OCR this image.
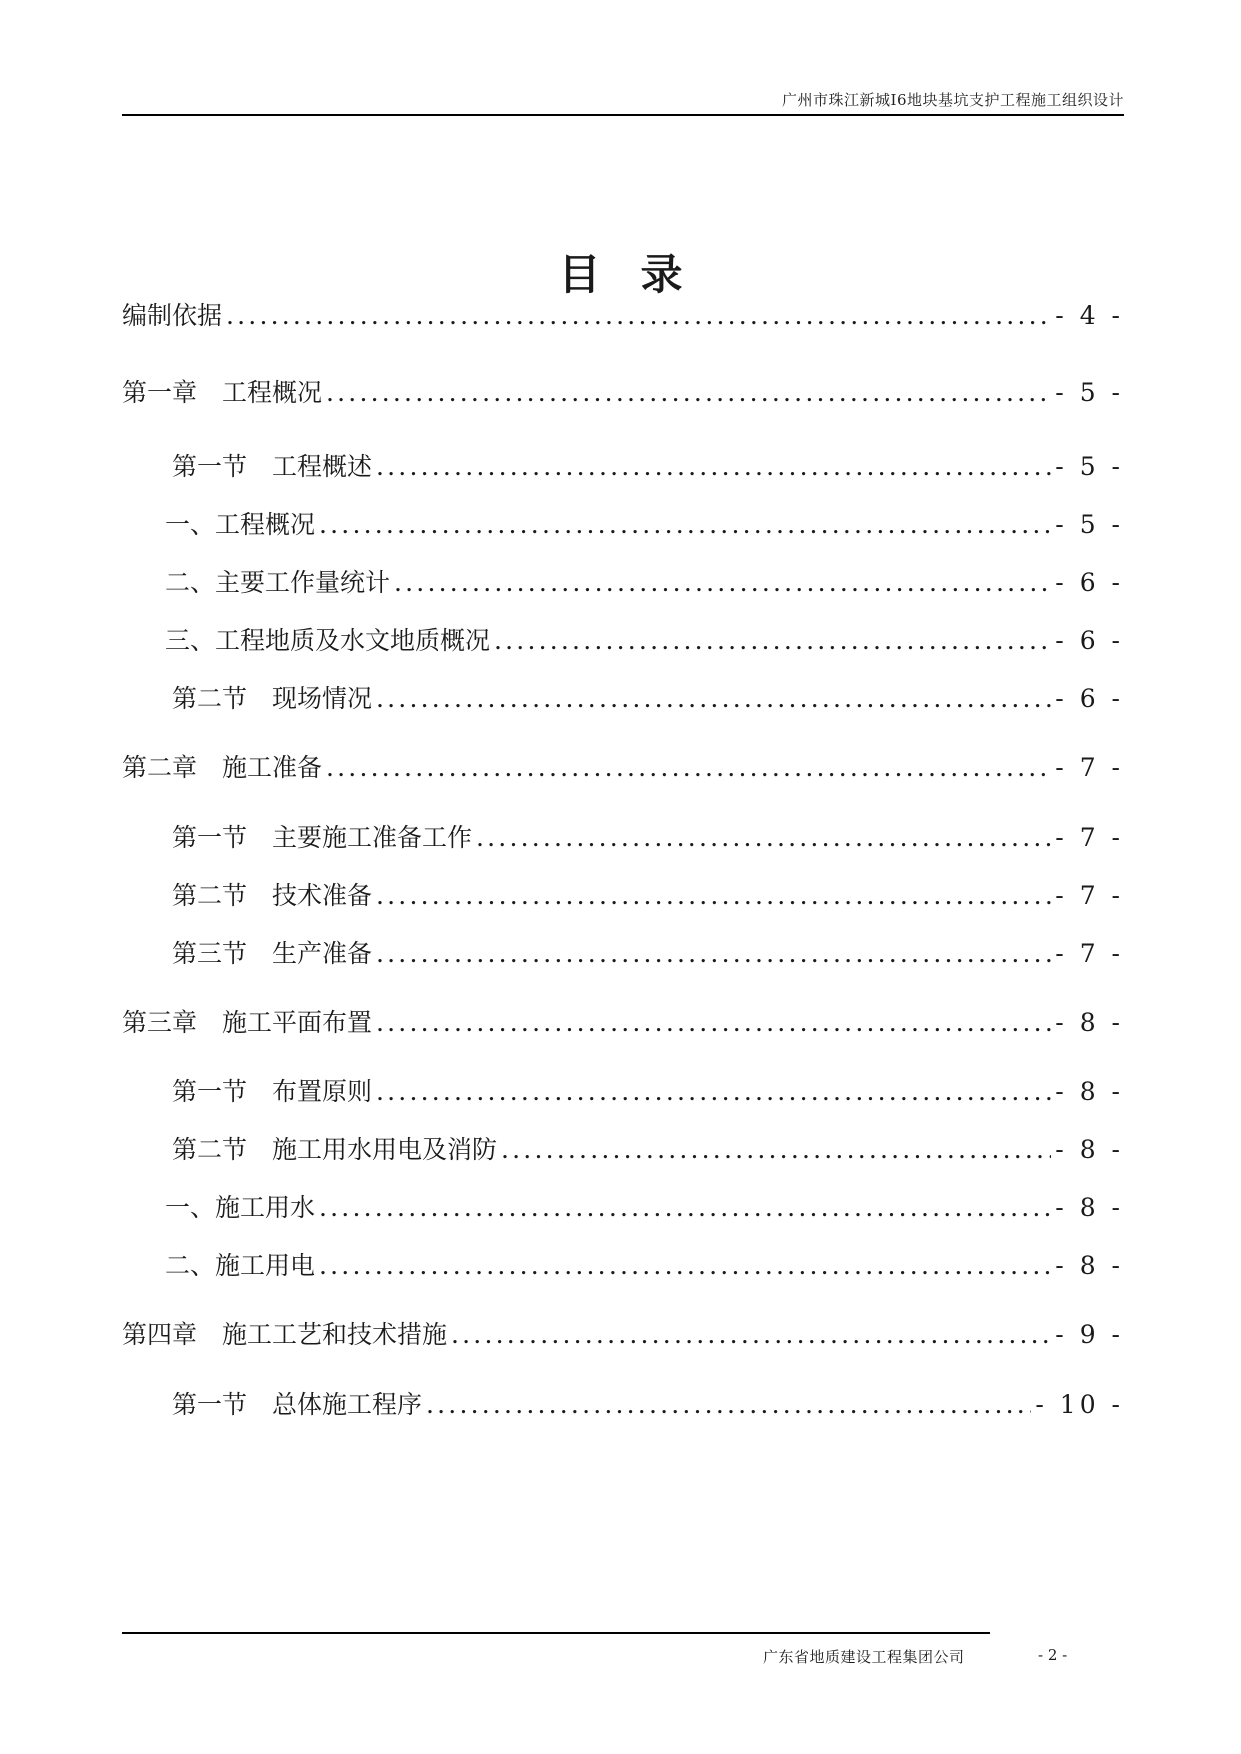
广州市珠江新城I6地块基坑支护工程施工组织设计
目录
编制依据 .....	- 4 -
第一章　工程概况 .....	- 5 -
第一节　工程概述 .....	- 5 -
一、工程概况 .....	- 5 -
二、主要工作量统计 .....	- 6 -
三、工程地质及水文地质概况 .....	- 6 -
第二节　现场情况 .....	- 6 -
第二章　施工准备 .....	- 7 -
第一节　主要施工准备工作 .....	- 7 -
第二节　技术准备 .....	- 7 -
第三节　生产准备 .....	- 7 -
第三章　施工平面布置 .....	- 8 -
第一节　布置原则 .....	- 8 -
第二节　施工用水用电及消防 .....	- 8 -
一、施工用水 .....	- 8 -
二、施工用电 .....	- 8 -
第四章　施工工艺和技术措施 .....	- 9 -
第一节　总体施工程序 .....	- 10 -
广东省地质建设工程集团公司	- 2 -
